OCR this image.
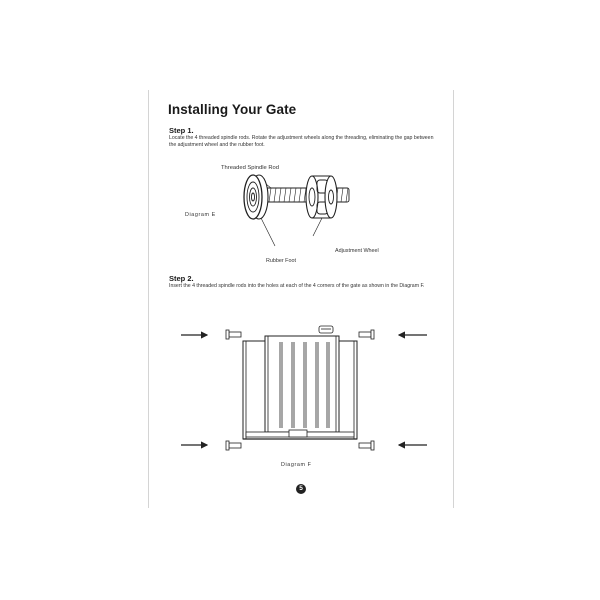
Installing Your Gate
Step 1.
Locate the 4 threaded spindle rods. Rotate the adjustment wheels along the threading, eliminating the gap between the adjustment wheel and the rubber foot.
Threaded Spindle Rod
Diagram E
Adjustment Wheel
Rubber Foot
Step 2.
Insert the 4 threaded spindle rods into the holes at each of the 4 corners of the gate as shown in the Diagram F.
Diagram F
5
